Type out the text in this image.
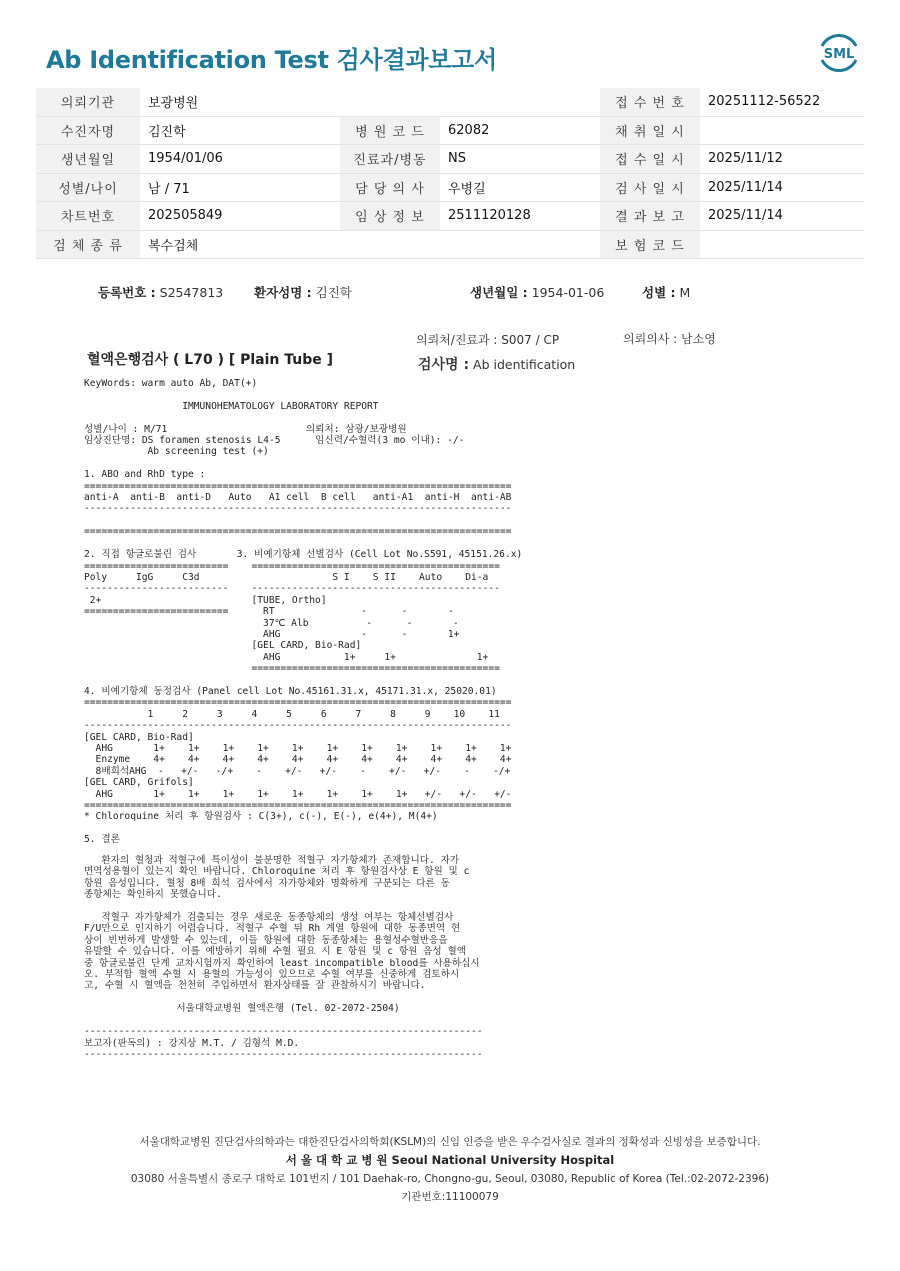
Ab Identification Test 검사결과보고서	SML
의뢰기관	보광병원			접 수 번 호	20251112-56522
수진자명	김진학	병 원 코 드	62082	채 취 일 시	
생년월일	1954/01/06	진료과/병동	NS	접 수 일 시	2025/11/12
성별/나이	남 / 71	담 당 의 사	우병길	검 사 일 시	2025/11/14
차트번호	202505849	임 상 정 보	2511120128	결 과 보 고	2025/11/14
검 체 종 류	복수검체			보 험 코 드	
등록번호 : S2547813 환자성명 : 김진학	생년월일 : 1954-01-06	성별 : M
의뢰처/진료과 : S007 / CP	의뢰의사 : 남소영
혈액은행검사 ( L70 ) [ Plain Tube ]	검사명 : Ab identification
KeyWords: warm auto Ab, DAT(+)

IMMUNOHEMATOLOGY LABORATORY REPORT

성별/나이 : M/71                        의뢰처: 삼광/보광병원
임상진단명: DS foramen stenosis L4-5      임신력/수혈력(3 mo 이내): -/-
Ab screening test (+)

1. ABO and RhD type :
==========================================================================
anti-A  anti-B  anti-D   Auto   A1 cell  B cell   anti-A1  anti-H  anti-AB
--------------------------------------------------------------------------

==========================================================================

2. 직접 항글로불린 검사       3. 비예기항체 선별검사 (Cell Lot No.S591, 45151.26.x)
=========================    ===========================================
Poly     IgG     C3d                       S I    S II    Auto    Di-a
-------------------------    -------------------------------------------
2+                          [TUBE, Ortho]
=========================      RT               -      -       -
37℃ Alb          -      -       -
AHG              -      -       1+
[GEL CARD, Bio-Rad]
AHG           1+     1+              1+
===========================================

4. 비예기항체 동정검사 (Panel cell Lot No.45161.31.x, 45171.31.x, 25020.01)
==========================================================================
1     2     3     4     5     6     7     8     9    10    11
--------------------------------------------------------------------------
[GEL CARD, Bio-Rad]
AHG       1+    1+    1+    1+    1+    1+    1+    1+    1+    1+    1+
Enzyme    4+    4+    4+    4+    4+    4+    4+    4+    4+    4+    4+
8배희석AHG  -   +/-   -/+    -    +/-   +/-    -    +/-   +/-    -    -/+
[GEL CARD, Grifols]
AHG       1+    1+    1+    1+    1+    1+    1+    1+   +/-   +/-   +/-
==========================================================================
* Chloroquine 처리 후 항원검사 : C(3+), c(-), E(-), e(4+), M(4+)

5. 결론
환자의 혈청과 적혈구에 특이성이 불분명한 적혈구 자가항체가 존재합니다. 자가
면역성용혈이 있는지 확인 바랍니다. Chloroquine 처리 후 항원검사상 E 항원 및 c
항원 음성입니다. 혈청 8배 희석 검사에서 자가항체와 명확하게 구분되는 다른 동
종항체는 확인하지 못했습니다.

적혈구 자가항체가 검출되는 경우 새로운 동종항체의 생성 여부는 항체선별검사
F/U만으로 인지하기 어렵습니다. 적혈구 수혈 뒤 Rh 계열 항원에 대한 동종면역 현
상이 빈번하게 발생할 수 있는데, 이들 항원에 대한 동종항체는 용혈성수혈반응을
유발할 수 있습니다. 이를 예방하기 위해 수혈 필요 시 E 항원 및 c 항원 음성 혈액
중 항글로불린 단계 교차시험까지 확인하여 least incompatible blood를 사용하십시
오. 부적합 혈액 수혈 시 용혈의 가능성이 있으므로 수혈 여부를 신중하게 검토하시
고, 수혈 시 혈액을 천천히 주입하면서 환자상태를 잘 관찰하시기 바랍니다.

서울대학교병원 혈액은행 (Tel. 02-2072-2504)

---------------------------------------------------------------------
보고자(판독의) : 강지상 M.T. / 김형석 M.D.
---------------------------------------------------------------------
서울대학교병원 진단검사의학과는 대한진단검사의학회(KSLM)의 신임 인증을 받은 우수검사실로 결과의 정확성과 신빙성을 보증합니다.
서 울 대 학 교 병 원 Seoul National University Hospital
03080 서울특별시 종로구 대학로 101번지 / 101 Daehak-ro, Chongno-gu, Seoul, 03080, Republic of Korea (Tel.:02-2072-2396)
기관번호:11100079
